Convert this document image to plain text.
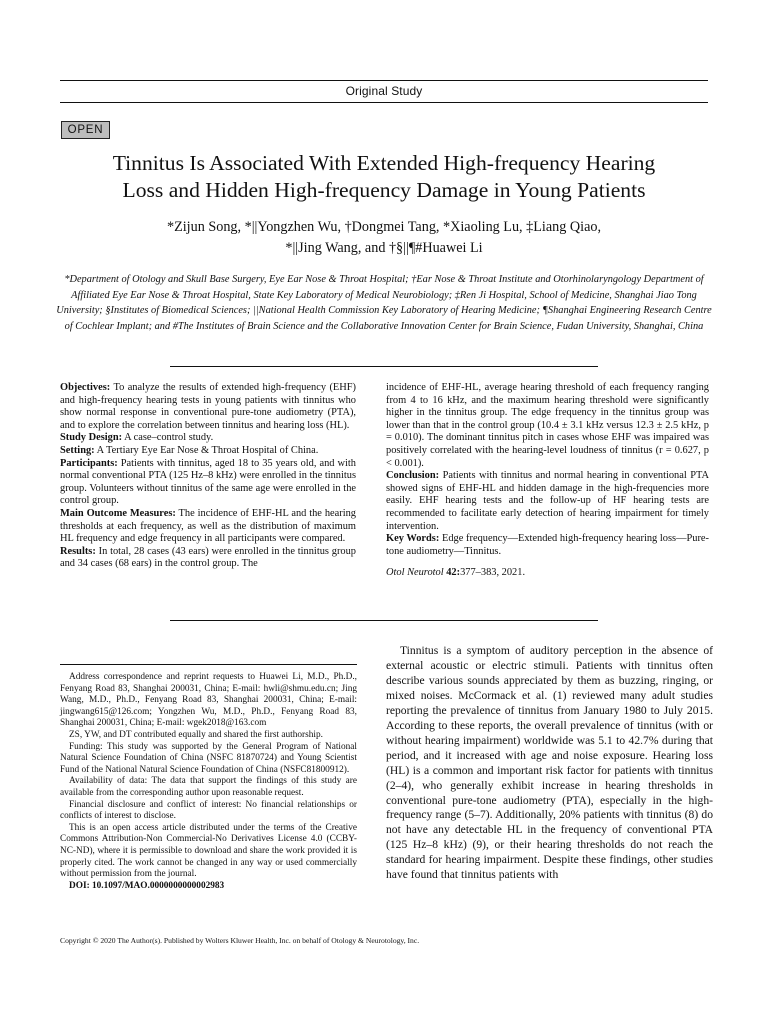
Original Study
OPEN
Tinnitus Is Associated With Extended High-frequency Hearing
Loss and Hidden High-frequency Damage in Young Patients
*Zijun Song, *||Yongzhen Wu, †Dongmei Tang, *Xiaoling Lu, ‡Liang Qiao,
*||Jing Wang, and †§||¶#Huawei Li
*Department of Otology and Skull Base Surgery, Eye Ear Nose & Throat Hospital; †Ear Nose & Throat Institute and Otorhinolaryngology Department of Affiliated Eye Ear Nose & Throat Hospital, State Key Laboratory of Medical Neurobiology; ‡Ren Ji Hospital, School of Medicine, Shanghai Jiao Tong University; §Institutes of Biomedical Sciences; ||National Health Commission Key Laboratory of Hearing Medicine; ¶Shanghai Engineering Research Centre of Cochlear Implant; and #The Institutes of Brain Science and the Collaborative Innovation Center for Brain Science, Fudan University, Shanghai, China

Objectives: To analyze the results of extended high-frequency (EHF) and high-frequency hearing tests in young patients with tinnitus who show normal response in conventional pure-tone audiometry (PTA), and to explore the correlation between tinnitus and hearing loss (HL).

Study Design: A case–control study.

Setting: A Tertiary Eye Ear Nose & Throat Hospital of China.

Participants: Patients with tinnitus, aged 18 to 35 years old, and with normal conventional PTA (125 Hz–8 kHz) were enrolled in the tinnitus group. Volunteers without tinnitus of the same age were enrolled in the control group.

Main Outcome Measures: The incidence of EHF-HL and the hearing thresholds at each frequency, as well as the distribution of maximum HL frequency and edge frequency in all participants were compared.

Results: In total, 28 cases (43 ears) were enrolled in the tinnitus group and 34 cases (68 ears) in the control group. The

incidence of EHF-HL, average hearing threshold of each frequency ranging from 4 to 16 kHz, and the maximum hearing threshold were significantly higher in the tinnitus group. The edge frequency in the tinnitus group was lower than that in the control group (10.4 ± 3.1 kHz versus 12.3 ± 2.5 kHz, p = 0.010). The dominant tinnitus pitch in cases whose EHF was impaired was positively correlated with the hearing-level loudness of tinnitus (r = 0.627, p < 0.001).

Conclusion: Patients with tinnitus and normal hearing in conventional PTA showed signs of EHF-HL and hidden damage in the high-frequencies more easily. EHF hearing tests and the follow-up of HF hearing tests are recommended to facilitate early detection of hearing impairment for timely intervention.

Key Words: Edge frequency—Extended high-frequency hearing loss—Pure-tone audiometry—Tinnitus.

Otol Neurotol 42:377–383, 2021.

Address correspondence and reprint requests to Huawei Li, M.D., Ph.D., Fenyang Road 83, Shanghai 200031, China; E-mail: hwli@shmu.edu.cn; Jing Wang, M.D., Ph.D., Fenyang Road 83, Shanghai 200031, China; E-mail: jingwang615@126.com; Yongzhen Wu, M.D., Ph.D., Fenyang Road 83, Shanghai 200031, China; E-mail: wgek2018@163.com

ZS, YW, and DT contributed equally and shared the first authorship.

Funding: This study was supported by the General Program of National Natural Science Foundation of China (NSFC 81870724) and Young Scientist Fund of the National Natural Science Foundation of China (NSFC81800912).

Availability of data: The data that support the findings of this study are available from the corresponding author upon reasonable request.

Financial disclosure and conflict of interest: No financial relationships or conflicts of interest to disclose.

This is an open access article distributed under the terms of the Creative Commons Attribution-Non Commercial-No Derivatives License 4.0 (CCBY-NC-ND), where it is permissible to download and share the work provided it is properly cited. The work cannot be changed in any way or used commercially without permission from the journal.

DOI: 10.1097/MAO.0000000000002983

Tinnitus is a symptom of auditory perception in the absence of external acoustic or electric stimuli. Patients with tinnitus often describe various sounds appreciated by them as buzzing, ringing, or mixed noises. McCormack et al. (1) reviewed many adult studies reporting the prevalence of tinnitus from January 1980 to July 2015. According to these reports, the overall prevalence of tinnitus (with or without hearing impairment) worldwide was 5.1 to 42.7% during that period, and it increased with age and noise exposure. Hearing loss (HL) is a common and important risk factor for patients with tinnitus (2–4), who generally exhibit increase in hearing thresholds in conventional pure-tone audiometry (PTA), especially in the high-frequency range (5–7). Additionally, 20% patients with tinnitus (8) do not have any detectable HL in the frequency of conventional PTA (125 Hz–8 kHz) (9), or their hearing thresholds do not reach the standard for hearing impairment. Despite these findings, other studies have found that tinnitus patients with
Copyright © 2020 The Author(s). Published by Wolters Kluwer Health, Inc. on behalf of Otology & Neurotology, Inc.
